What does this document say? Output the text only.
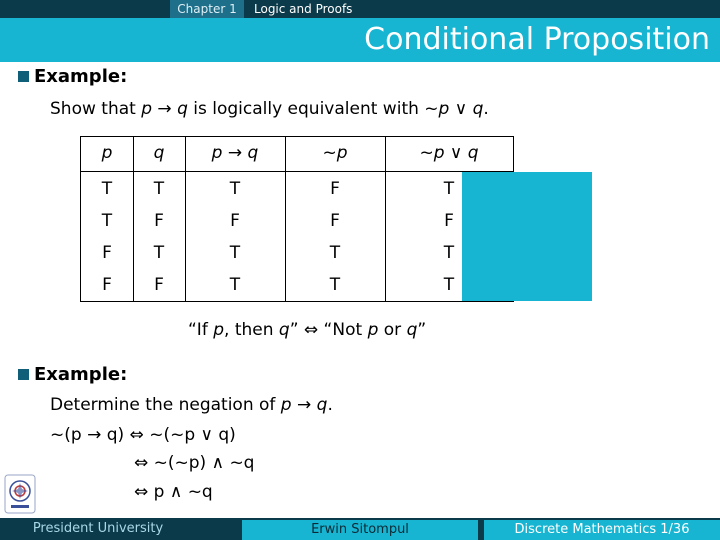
Chapter 1	Logic and Proofs
Conditional Proposition
Example:
Show that p → q is logically equivalent with ~p ∨ q.
p	q	p → q	~p	~p ∨ q
T	T	T	F	T
T	F	F	F	F
F	T	T	T	T
F	F	T	T	T
“If p, then q” ⇔ “Not p or q”
Example:
Determine the negation of p → q.
~(p → q) ⇔ ~(~p ∨ q)
⇔ ~(~p) ∧ ~q
⇔ p ∧ ~q
President University	Erwin Sitompul	Discrete Mathematics 1/36
